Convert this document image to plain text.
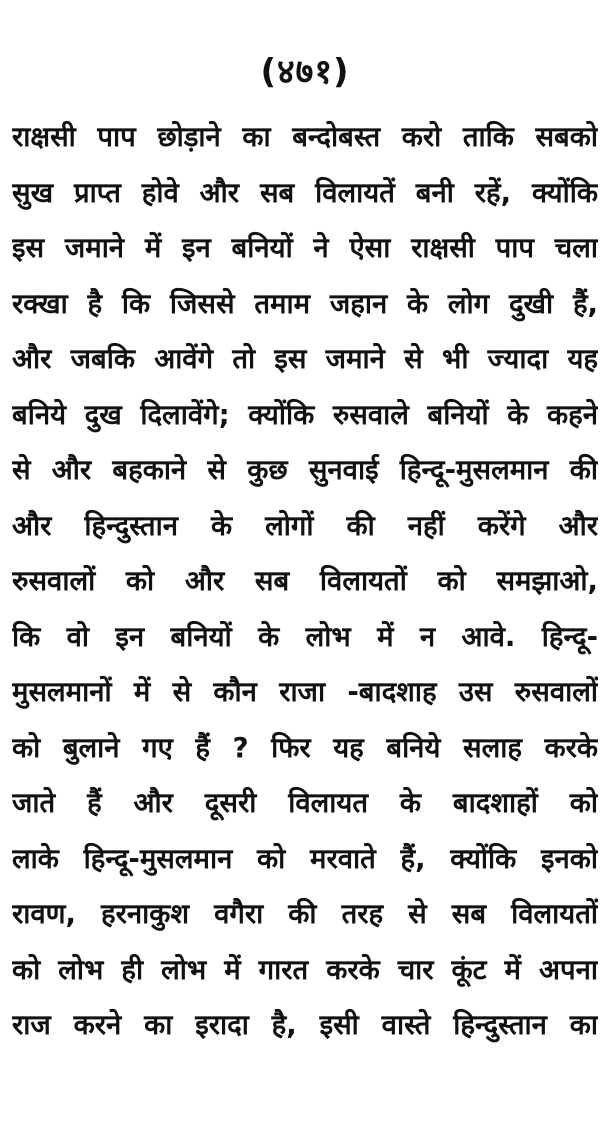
(४७१)
राक्षसी पाप छोड़ाने का बन्दोबस्त करो ताकि सबको
सुख प्राप्त होवे और सब विलायतें बनी रहें, क्योंकि
इस जमाने में इन बनियों ने ऐसा राक्षसी पाप चला
रक्खा है कि जिससे तमाम जहान के लोग दुखी हैं,
और जबकि आवेंगे तो इस जमाने से भी ज्यादा यह
बनिये दुख दिलावेंगे; क्योंकि रुसवाले बनियों के कहने
से और बहकाने से कुछ सुनवाई हिन्दू-मुसलमान की
और हिन्दुस्तान के लोगों की नहीं करेंगे और
रुसवालों को और सब विलायतों को समझाओ,
कि वो इन बनियों के लोभ में न आवे. हिन्दू-
मुसलमानों में से कौन राजा -बादशाह उस रुसवालों
को बुलाने गए हैं ? फिर यह बनिये सलाह करके
जाते हैं और दूसरी विलायत के बादशाहों को
लाके हिन्दू-मुसलमान को मरवाते हैं, क्योंकि इनको
रावण, हरनाकुश वगैरा की तरह से सब विलायतों
को लोभ ही लोभ में गारत करके चार कूंट में अपना
राज करने का इरादा है, इसी वास्ते हिन्दुस्तान का
